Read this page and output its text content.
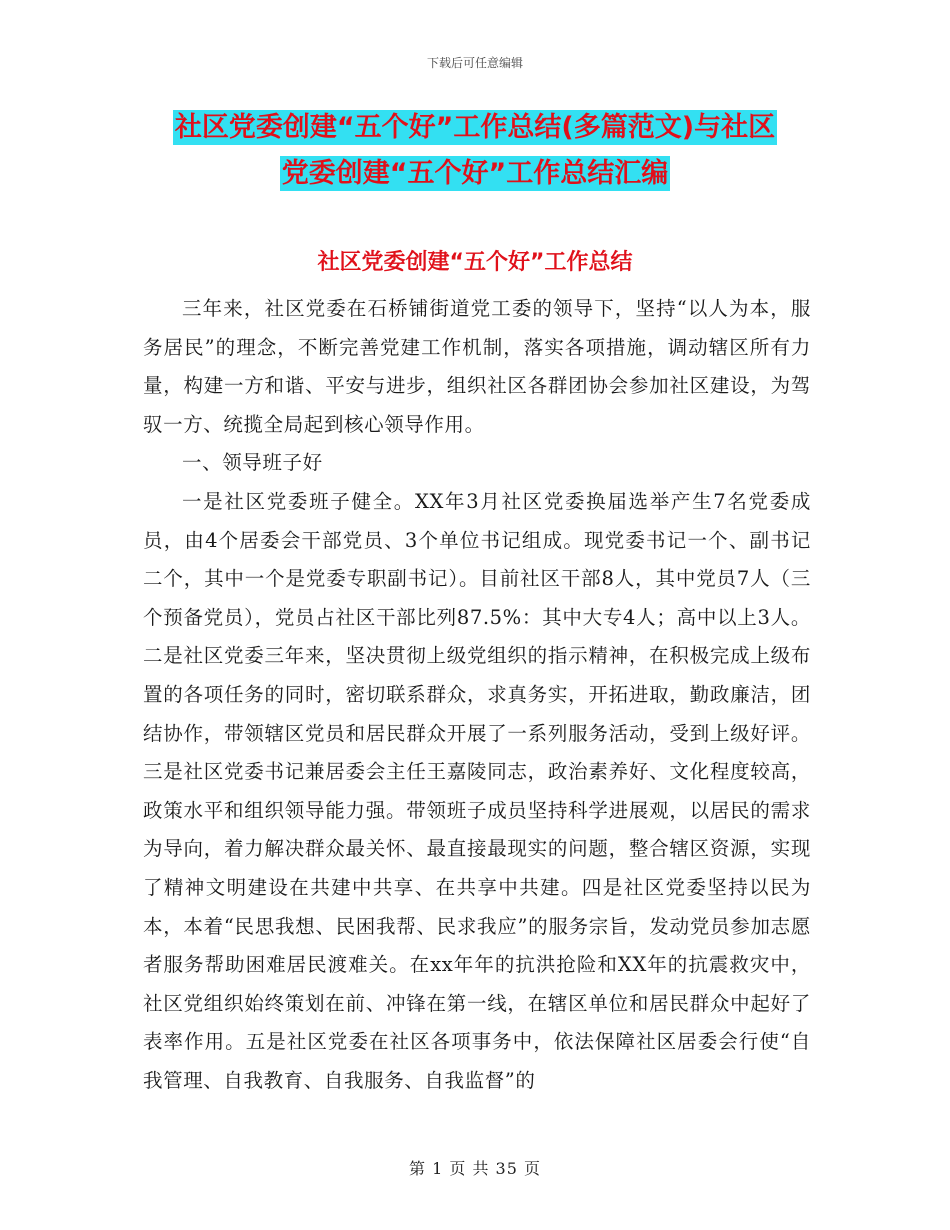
下载后可任意编辑
社区党委创建“五个好”工作总结(多篇范文)与社区
党委创建“五个好”工作总结汇编
社区党委创建“五个好”工作总结

三年来，社区党委在石桥铺街道党工委的领导下，坚持“以人为本，服务居民”的理念，不断完善党建工作机制，落实各项措施，调动辖区所有力量，构建一方和谐、平安与进步，组织社区各群团协会参加社区建设，为驾驭一方、统揽全局起到核心领导作用。

一、领导班子好

一是社区党委班子健全。XX年3月社区党委换届选举产生7名党委成员，由4个居委会干部党员、3个单位书记组成。现党委书记一个、副书记二个，其中一个是党委专职副书记）。目前社区干部8人，其中党员7人（三个预备党员），党员占社区干部比列87.5%：其中大专4人；高中以上3人。二是社区党委三年来，坚决贯彻上级党组织的指示精神，在积极完成上级布置的各项任务的同时，密切联系群众，求真务实，开拓进取，勤政廉洁，团结协作，带领辖区党员和居民群众开展了一系列服务活动，受到上级好评。三是社区党委书记兼居委会主任王嘉陵同志，政治素养好、文化程度较高，政策水平和组织领导能力强。带领班子成员坚持科学进展观，以居民的需求为导向，着力解决群众最关怀、最直接最现实的问题，整合辖区资源，实现了精神文明建设在共建中共享、在共享中共建。四是社区党委坚持以民为本，本着“民思我想、民困我帮、民求我应”的服务宗旨，发动党员参加志愿者服务帮助困难居民渡难关。在xx年年的抗洪抢险和XX年的抗震救灾中，社区党组织始终策划在前、冲锋在第一线，在辖区单位和居民群众中起好了表率作用。五是社区党委在社区各项事务中，依法保障社区居委会行使“自我管理、自我教育、自我服务、自我监督”的

第 1 页 共 35 页
